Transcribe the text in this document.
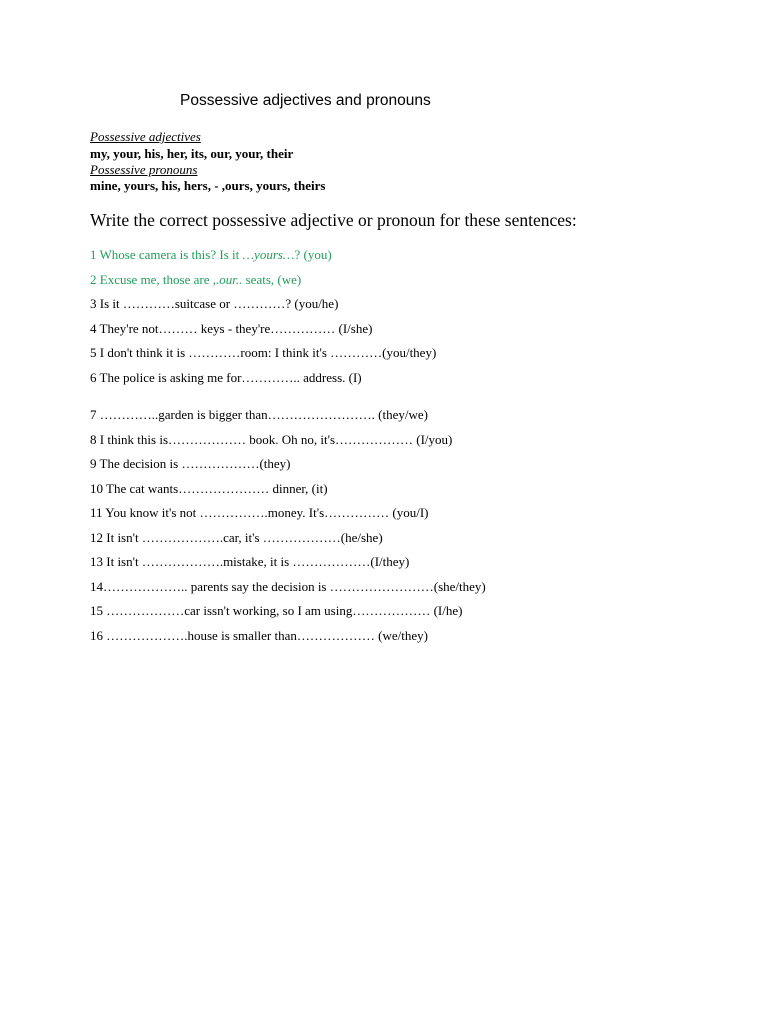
Possessive adjectives and pronouns
Possessive adjectives
my, your, his, her, its, our, your, their
Possessive pronouns
mine, yours, his, hers, - ,ours, yours, theirs
Write the correct possessive adjective or pronoun for these sentences:
1 Whose camera is this? Is it …yours…? (you)
2 Excuse me, those are ,.our.. seats, (we)
3 Is it …………suitcase or …………? (you/he)
4 They're not……… keys - they're…………… (I/she)
5 I don't think it is …………room: I think it's …………(you/they)
6 The police is asking me for………….. address. (I)
7 …………..garden is bigger than……………………. (they/we)
8 I think this is……………… book. Oh no, it's……………… (I/you)
9 The decision is ………………(they)
10 The cat wants………………… dinner, (it)
11 You know it's not …………….money. It's…………… (you/I)
12 It isn't ……………….car, it's ………………(he/she)
13 It isn't ……………….mistake, it is ………………(I/they)
14……………….. parents say the decision is ……………………(she/they)
15 ………………car issn't working, so I am using……………… (I/he)
16 ……………….house is smaller than……………… (we/they)
